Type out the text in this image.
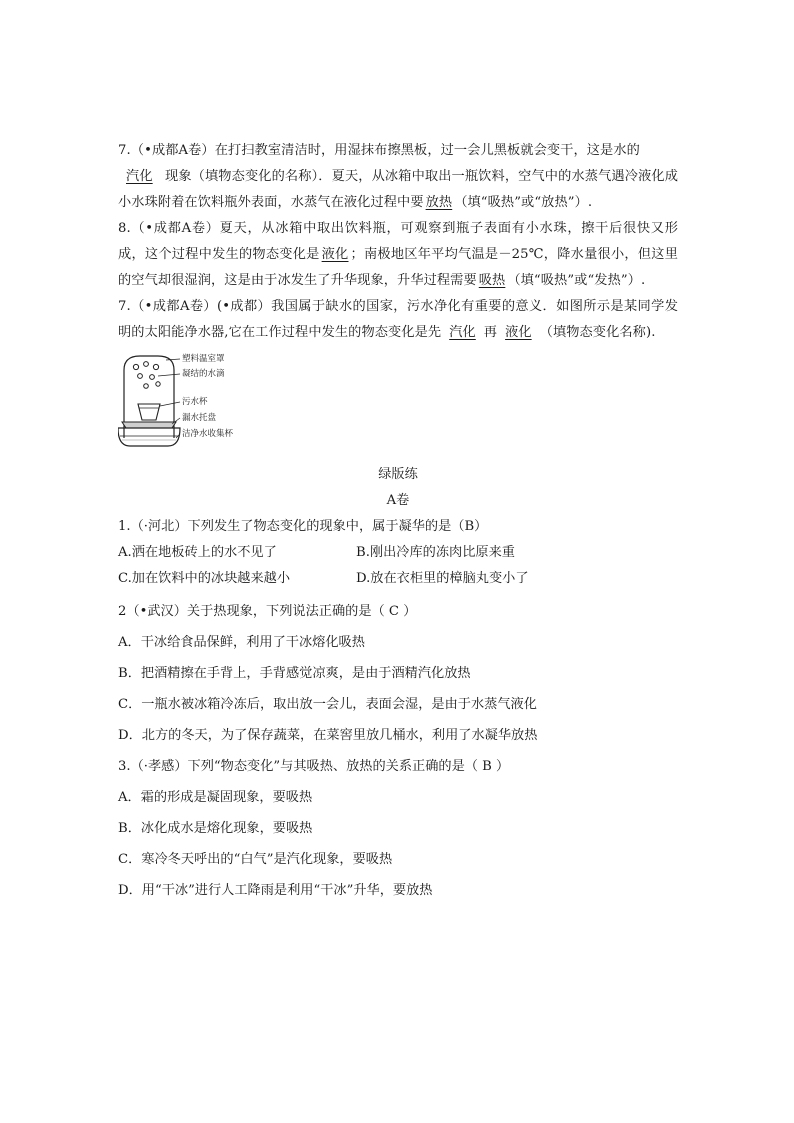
7.（•成都A卷）在打扫教室清洁时，用湿抹布擦黑板，过一会儿黑板就会变干，这是水的
汽化 现象（填物态变化的名称）．夏天，从冰箱中取出一瓶饮料，空气中的水蒸气遇冷液化成小水珠附着在饮料瓶外表面，水蒸气在液化过程中要 放热 （填“吸热”或“放热”）.
8.（•成都A卷）夏天，从冰箱中取出饮料瓶，可观察到瓶子表面有小水珠，擦干后很快又形成，这个过程中发生的物态变化是 液化 ；南极地区年平均气温是－25℃，降水量很小，但这里的空气却很湿润，这是由于冰发生了升华现象，升华过程需要 吸热 （填“吸热”或“发热”）.
7.（•成都A卷）(•成都）我国属于缺水的国家，污水净化有重要的意义．如图所示是某同学发明的太阳能净水器,它在工作过程中发生的物态变化是先 汽化 再 液化 （填物态变化名称).
塑料温室罩
凝结的水滴
污水杯
漏水托盘
洁净水收集杯
绿版练
A卷
1.（·河北）下列发生了物态变化的现象中，属于凝华的是（B）
A.洒在地板砖上的水不见了	B.刚出冷库的冻肉比原来重
C.加在饮料中的冰块越来越小	D.放在衣柜里的樟脑丸变小了
2（•武汉）关于热现象，下列说法正确的是（ C ）
A．干冰给食品保鲜，利用了干冰熔化吸热
B．把酒精擦在手背上，手背感觉凉爽，是由于酒精汽化放热
C．一瓶水被冰箱冷冻后，取出放一会儿，表面会湿，是由于水蒸气液化
D．北方的冬天，为了保存蔬菜，在菜窖里放几桶水，利用了水凝华放热
3.（·孝感）下列“物态变化”与其吸热、放热的关系正确的是（ B ）
A．霜的形成是凝固现象，要吸热
B．冰化成水是熔化现象，要吸热
C．寒冷冬天呼出的“白气”是汽化现象，要吸热
D．用“干冰”进行人工降雨是利用“干冰”升华，要放热
